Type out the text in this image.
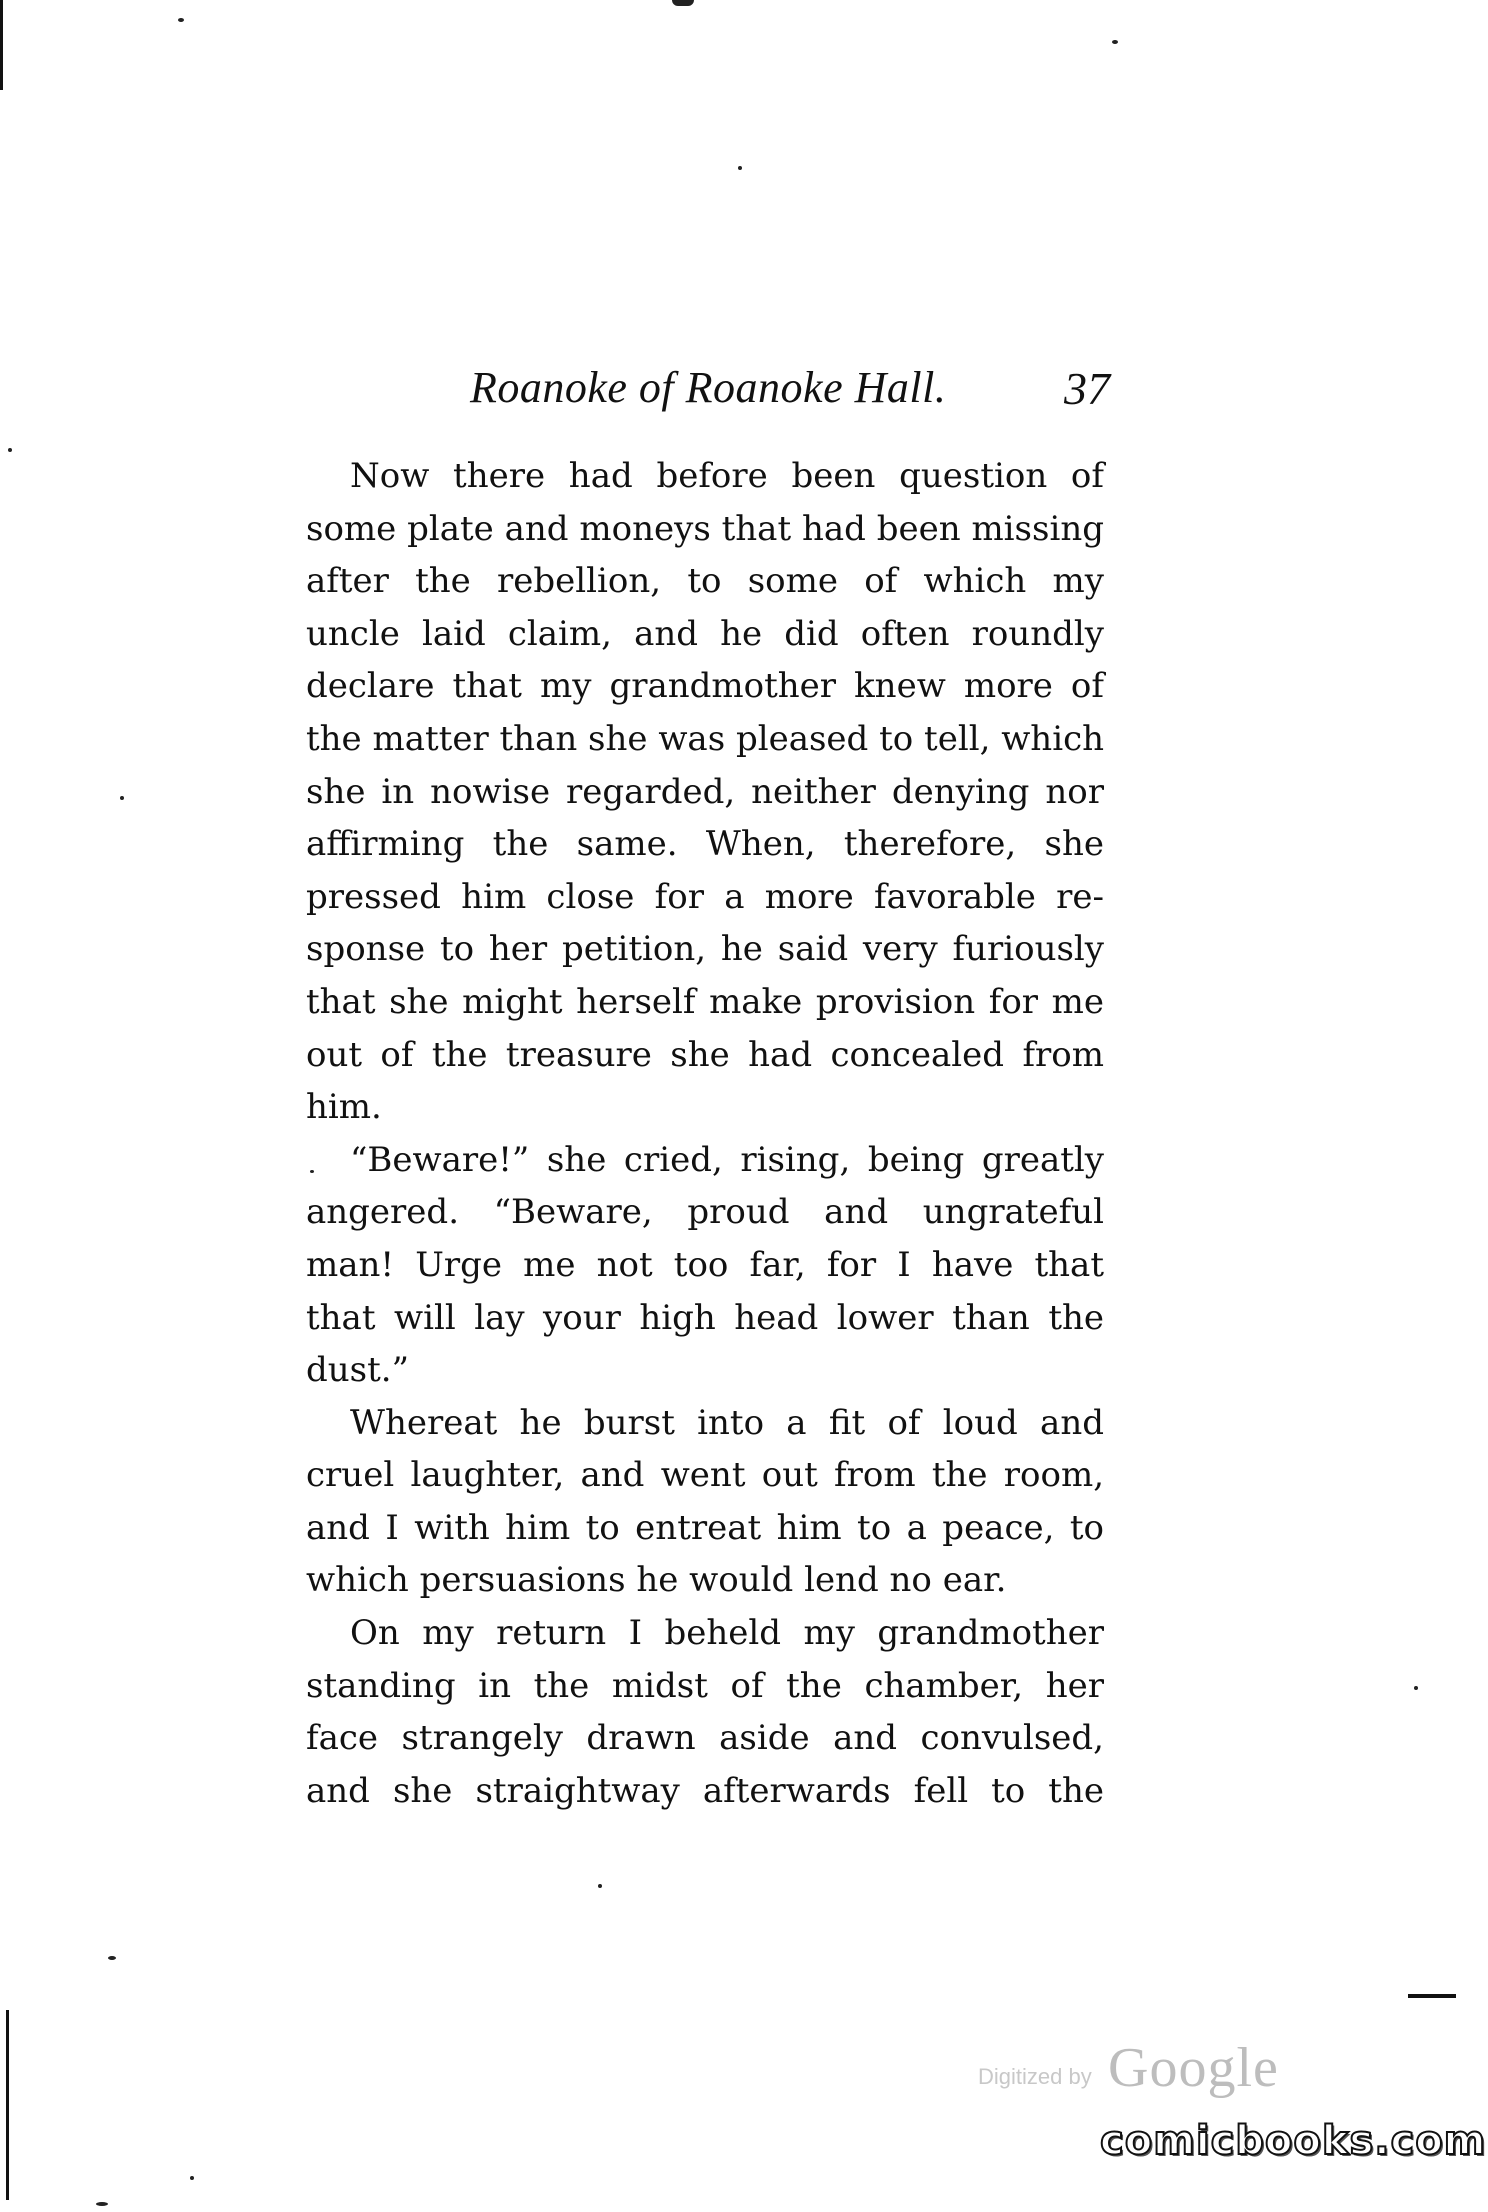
Roanoke of Roanoke Hall.	37
Now there had before been question of
some plate and moneys that had been missing
after the rebellion, to some of which my
uncle laid claim, and he did often roundly
declare that my grandmother knew more of
the matter than she was pleased to tell, which
she in nowise regarded, neither denying nor
affirming the same. When, therefore, she
pressed him close for a more favorable re-
sponse to her petition, he said very furiously
that she might herself make provision for me
out of the treasure she had concealed from
him.
“Beware!” she cried, rising, being greatly
angered. “Beware, proud and ungrateful
man! Urge me not too far, for I have that
that will lay your high head lower than the
dust.”
Whereat he burst into a fit of loud and
cruel laughter, and went out from the room,
and I with him to entreat him to a peace, to
which persuasions he would lend no ear.
On my return I beheld my grandmother
standing in the midst of the chamber, her
face strangely drawn aside and convulsed,
and she straightway afterwards fell to the
Digitized by Google
comicbooks.com
